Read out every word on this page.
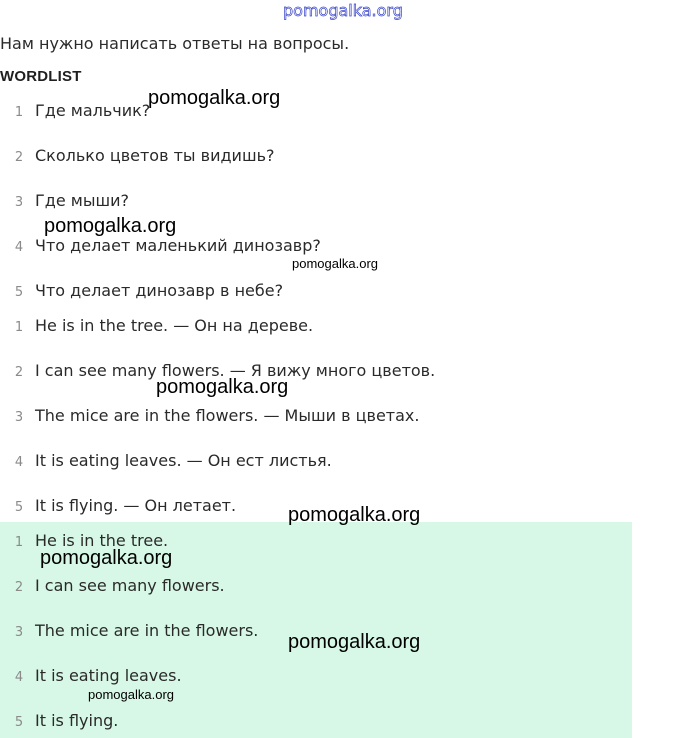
pomogalka.org
Нам нужно написать ответы на вопросы.
WORDLIST
1 Где мальчик?
2 Сколько цветов ты видишь?
3 Где мыши?
4 Что делает маленький динозавр?
5 Что делает динозавр в небе?
1 He is in the tree. — Он на дереве.
2 I can see many flowers. — Я вижу много цветов.
3 The mice are in the flowers. — Мыши в цветах.
4 It is eating leaves. — Он ест листья.
5 It is flying. — Он летает.
1 He is in the tree.
2 I can see many flowers.
3 The mice are in the flowers.
4 It is eating leaves.
5 It is flying.
pomogalka.org
pomogalka.org
pomogalka.org
pomogalka.org
pomogalka.org
pomogalka.org
pomogalka.org
pomogalka.org
